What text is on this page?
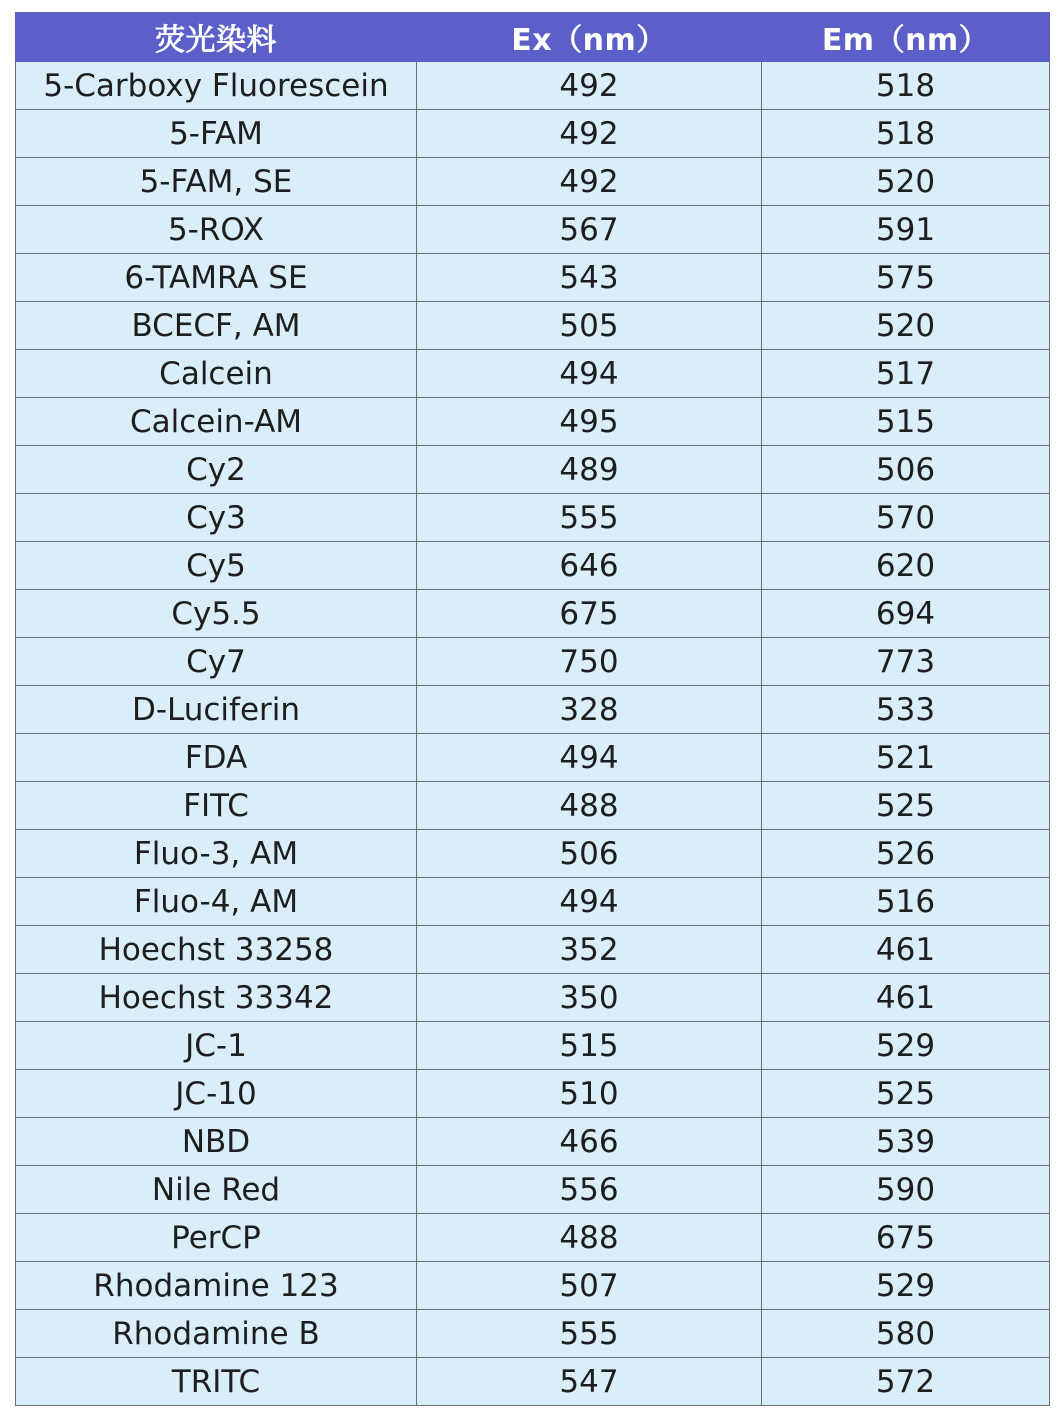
荧光染料	Ex（nm）	Em（nm）
5-Carboxy Fluorescein	492	518
5-FAM	492	518
5-FAM, SE	492	520
5-ROX	567	591
6-TAMRA SE	543	575
BCECF, AM	505	520
Calcein	494	517
Calcein-AM	495	515
Cy2	489	506
Cy3	555	570
Cy5	646	620
Cy5.5	675	694
Cy7	750	773
D-Luciferin	328	533
FDA	494	521
FITC	488	525
Fluo-3, AM	506	526
Fluo-4, AM	494	516
Hoechst 33258	352	461
Hoechst 33342	350	461
JC-1	515	529
JC-10	510	525
NBD	466	539
Nile Red	556	590
PerCP	488	675
Rhodamine 123	507	529
Rhodamine B	555	580
TRITC	547	572
